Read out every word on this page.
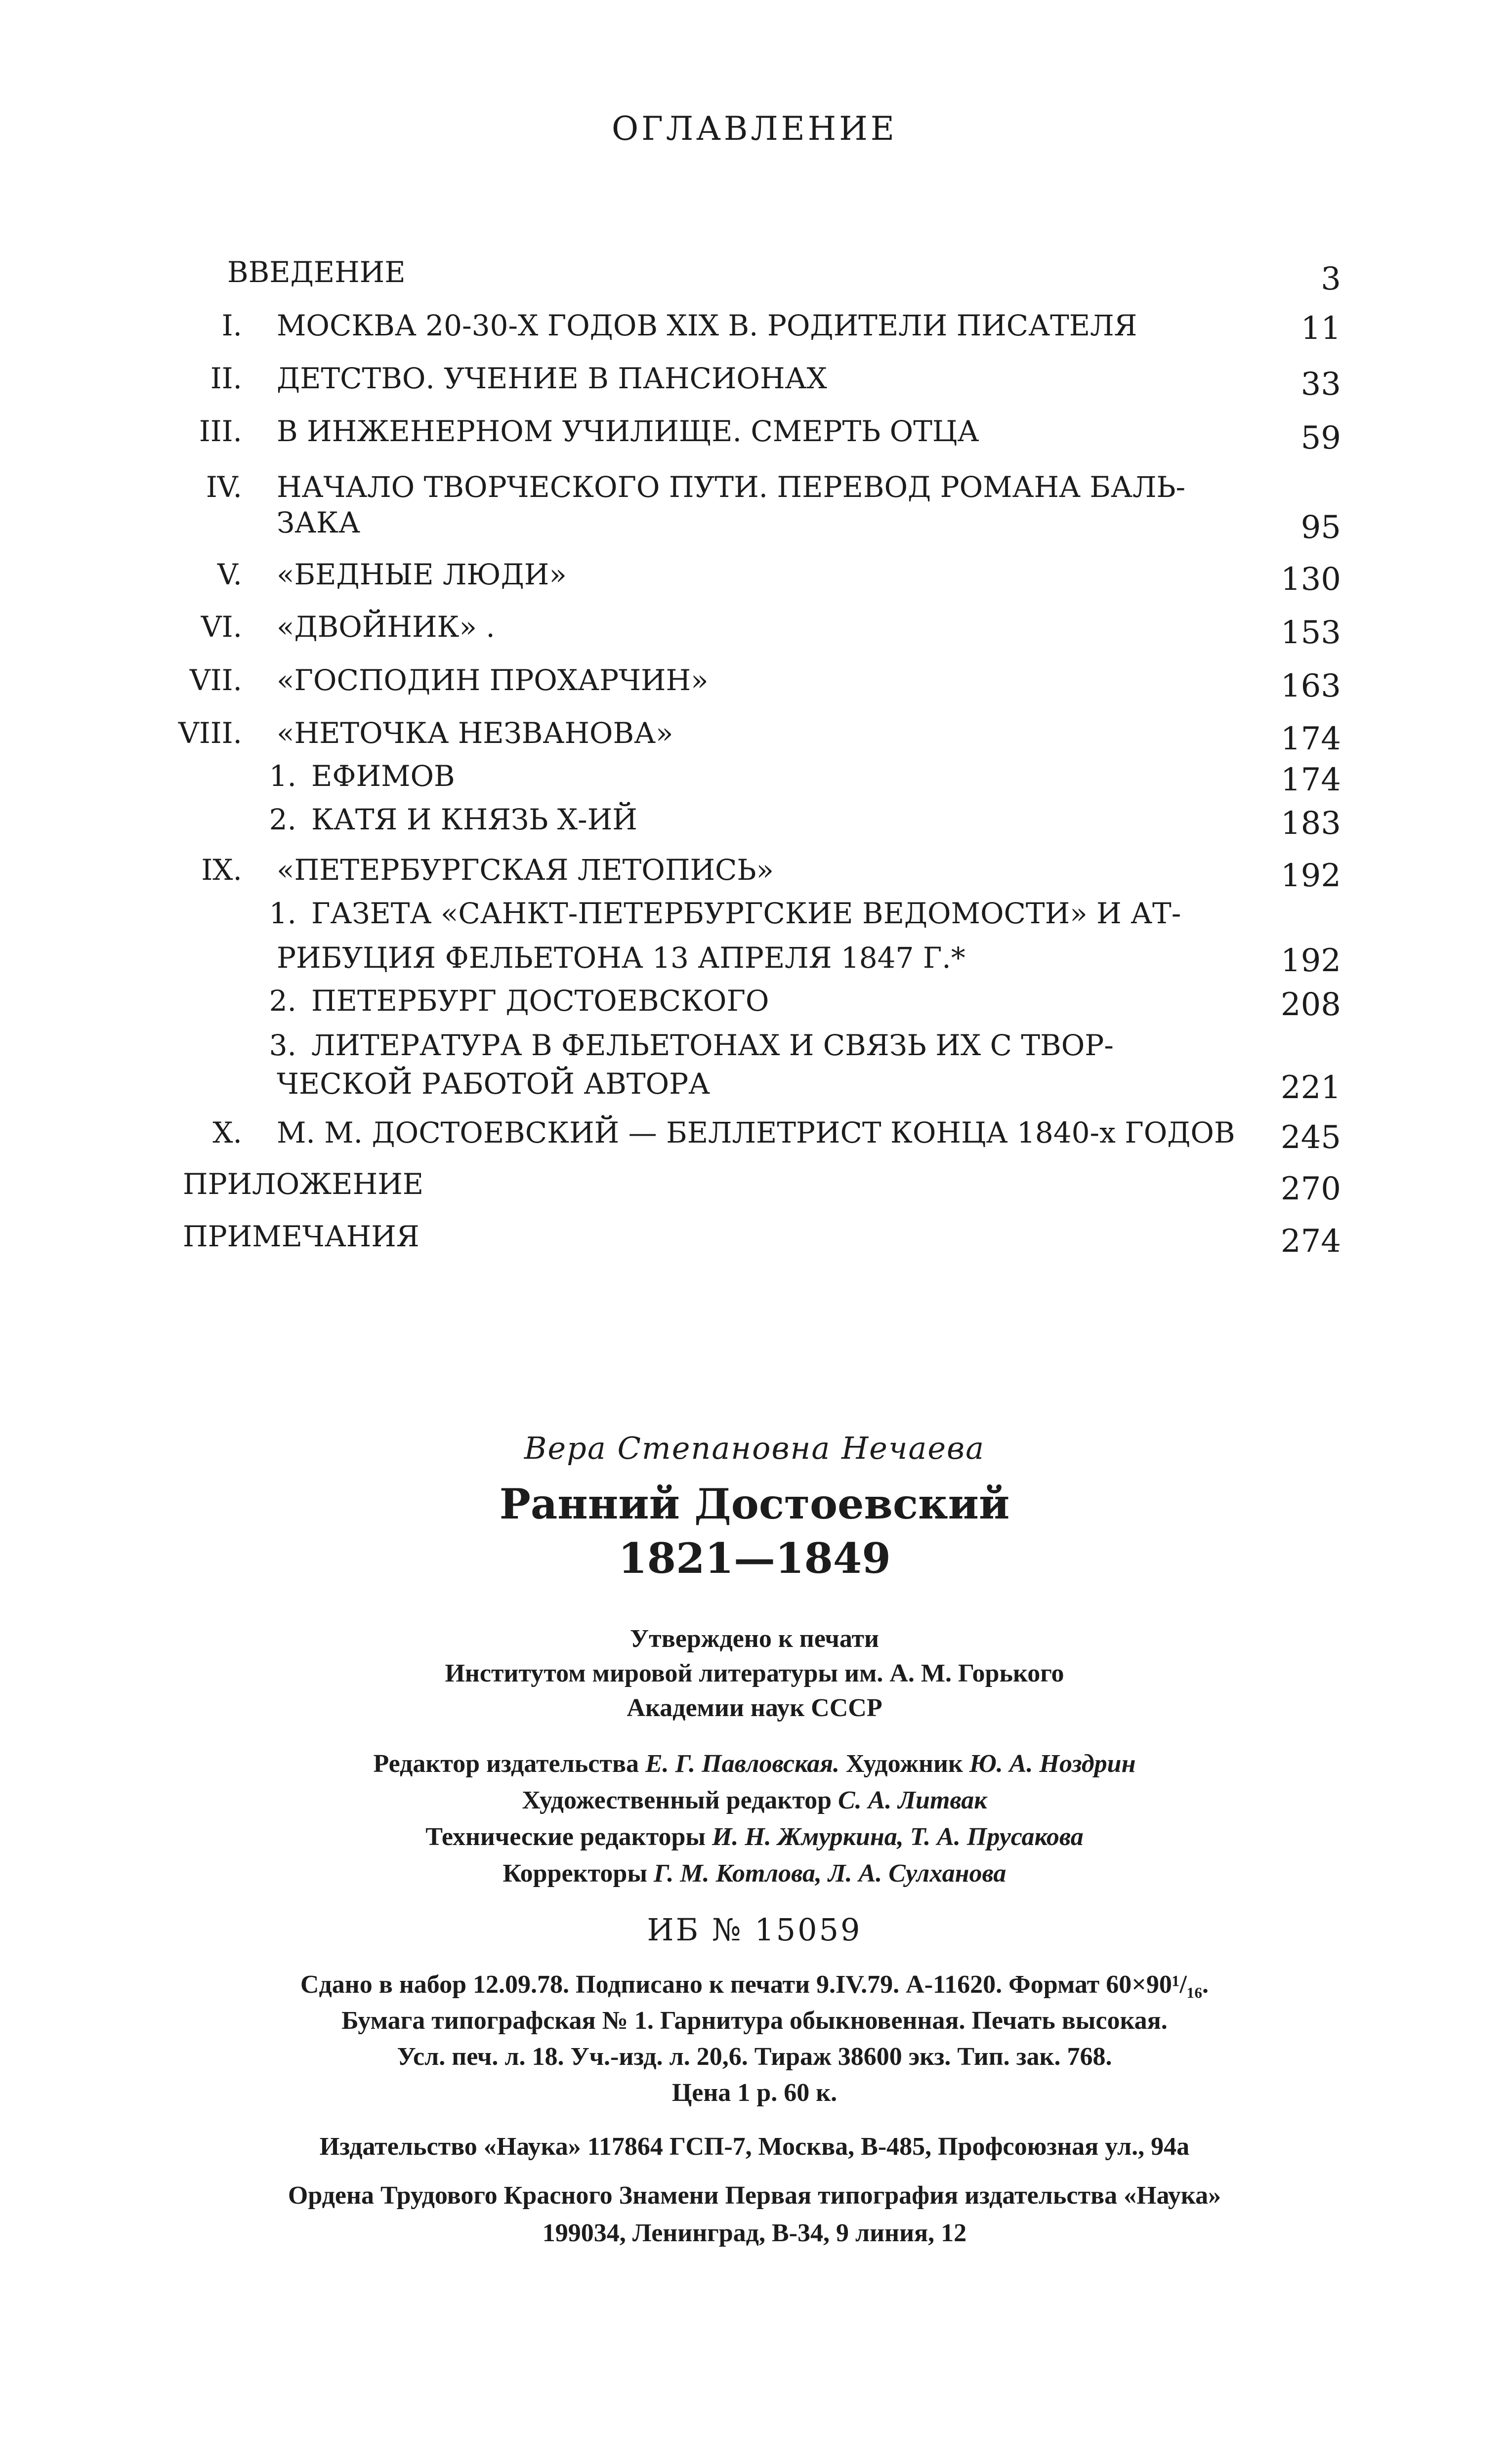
ОГЛАВЛЕНИЕ
ВВЕДЕНИЕ	3
I. МОСКВА 20-30-Х ГОДОВ XIX В. РОДИТЕЛИ ПИСАТЕЛЯ	11
II. ДЕТСТВО. УЧЕНИЕ В ПАНСИОНАХ	33
III. В ИНЖЕНЕРНОМ УЧИЛИЩЕ. СМЕРТЬ ОТЦА	59
IV. НАЧАЛО ТВОРЧЕСКОГО ПУТИ. ПЕРЕВОД РОМАНА БАЛЬ-
ЗАКА	95
V. «БЕДНЫЕ ЛЮДИ»	130
VI. «ДВОЙНИК» .	153
VII. «ГОСПОДИН ПРОХАРЧИН»	163
VIII. «НЕТОЧКА НЕЗВАНОВА»	174
1. ЕФИМОВ	174
2. КАТЯ И КНЯЗЬ Х-ИЙ	183
IX. «ПЕТЕРБУРГСКАЯ ЛЕТОПИСЬ»	192
1. ГАЗЕТА «САНКТ-ПЕТЕРБУРГСКИЕ ВЕДОМОСТИ» И АТ-
РИБУЦИЯ ФЕЛЬЕТОНА 13 АПРЕЛЯ 1847 Г.*	192
2. ПЕТЕРБУРГ ДОСТОЕВСКОГО	208
3. ЛИТЕРАТУРА В ФЕЛЬЕТОНАХ И СВЯЗЬ ИХ С ТВОР-
ЧЕСКОЙ РАБОТОЙ АВТОРА	221
X. М. М. ДОСТОЕВСКИЙ — БЕЛЛЕТРИСТ КОНЦА 1840-х ГОДОВ 245
ПРИЛОЖЕНИЕ	270
ПРИМЕЧАНИЯ	274
Вера Степановна Нечаева
Ранний Достоевский
1821—1849
Утверждено к печати
Институтом мировой литературы им. А. М. Горького
Академии наук СССР
Редактор издательства Е. Г. Павловская. Художник Ю. А. Ноздрин
Художественный редактор С. А. Литвак
Технические редакторы И. Н. Жмуркина, Т. А. Прусакова
Корректоры Г. М. Котлова, Л. А. Сулханова
ИБ № 15059
Сдано в набор 12.09.78. Подписано к печати 9.IV.79. А-11620. Формат 60×90¹/₁₆.
Бумага типографская № 1. Гарнитура обыкновенная. Печать высокая.
Усл. печ. л. 18. Уч.-изд. л. 20,6. Тираж 38600 экз. Тип. зак. 768.
Цена 1 р. 60 к.
Издательство «Наука» 117864 ГСП-7, Москва, В-485, Профсоюзная ул., 94а
Ордена Трудового Красного Знамени Первая типография издательства «Наука»
199034, Ленинград, В-34, 9 линия, 12
